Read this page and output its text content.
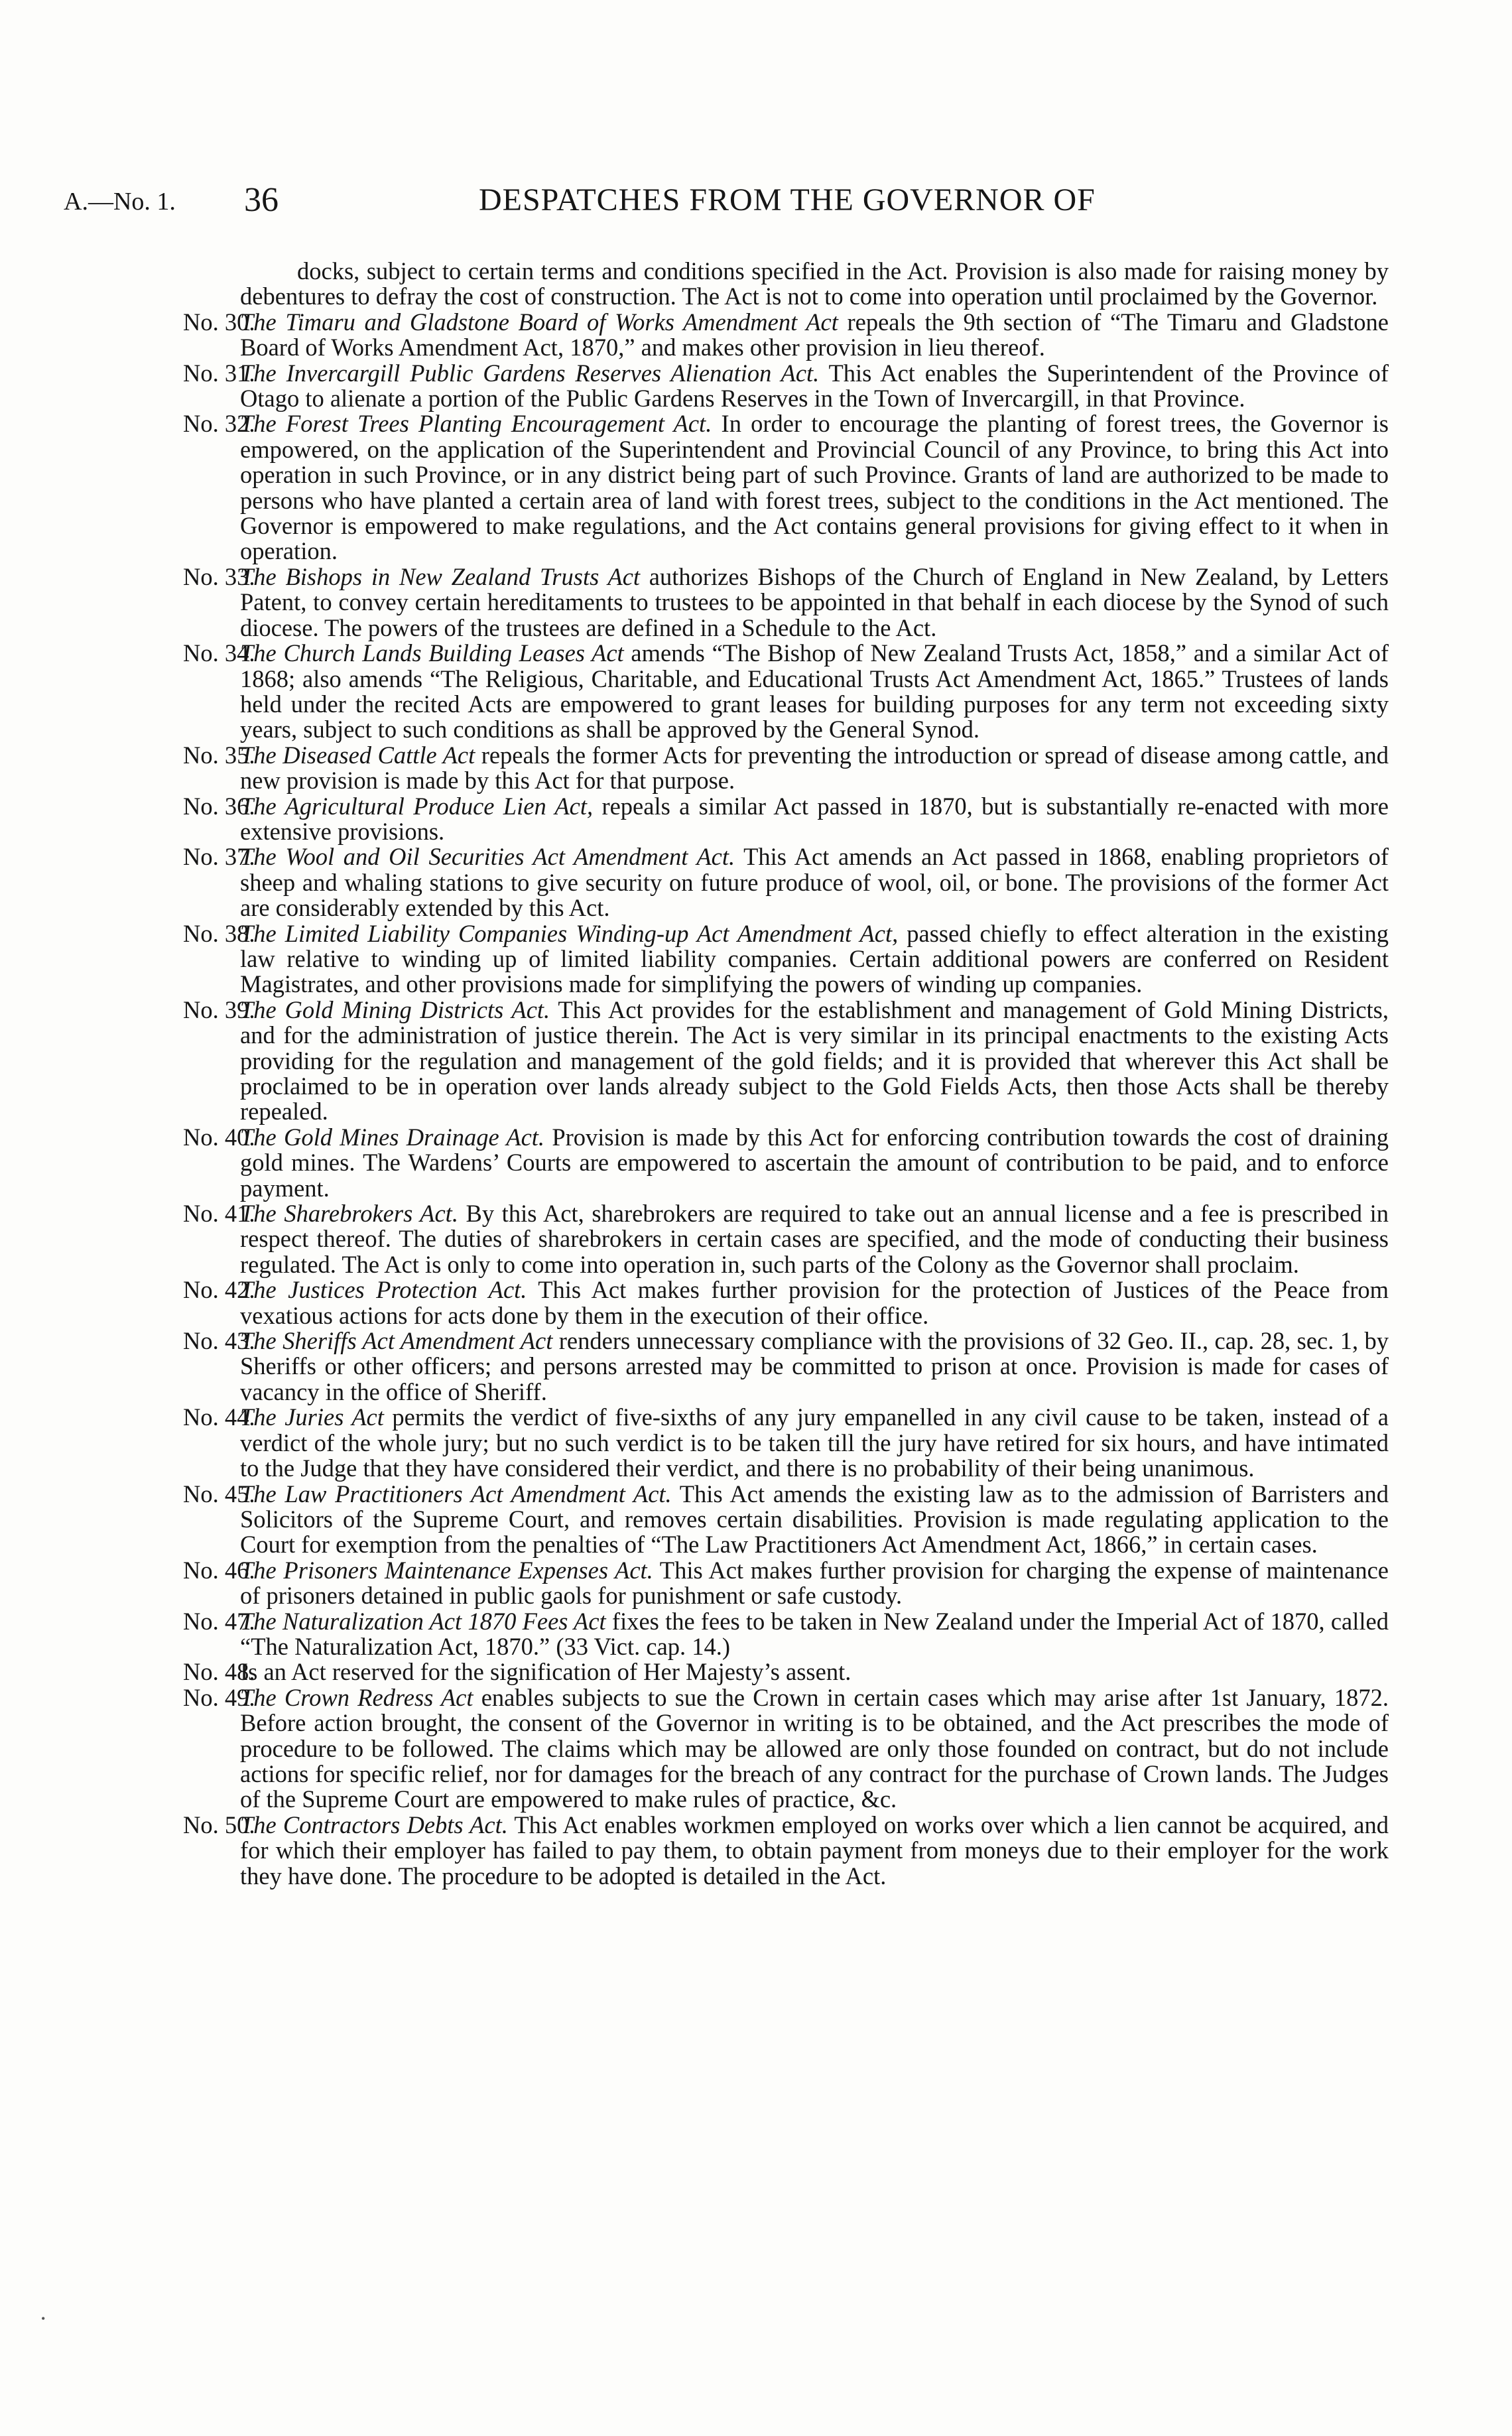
A.—No. 1. 36	DESPATCHES FROM THE GOVERNOR OF

docks, subject to certain terms and conditions specified in the Act. Provision is also made for raising money by debentures to defray the cost of construction. The Act is not to come into operation until proclaimed by the Governor.

No. 30.
The Timaru and Gladstone Board of Works Amendment Act repeals the 9th section of “The Timaru and Gladstone Board of Works Amendment Act, 1870,” and makes other provision in lieu thereof.

No. 31.
The Invercargill Public Gardens Reserves Alienation Act. This Act enables the Superintendent of the Province of Otago to alienate a portion of the Public Gardens Reserves in the Town of Invercargill, in that Province.

No. 32.
The Forest Trees Planting Encouragement Act. In order to encourage the planting of forest trees, the Governor is empowered, on the application of the Superintendent and Provincial Council of any Province, to bring this Act into operation in such Province, or in any district being part of such Province. Grants of land are authorized to be made to persons who have planted a certain area of land with forest trees, subject to the conditions in the Act mentioned. The Governor is empowered to make regulations, and the Act contains general provisions for giving effect to it when in operation.

No. 33.
The Bishops in New Zealand Trusts Act authorizes Bishops of the Church of England in New Zealand, by Letters Patent, to convey certain hereditaments to trustees to be appointed in that behalf in each diocese by the Synod of such diocese. The powers of the trustees are defined in a Schedule to the Act.

No. 34.
The Church Lands Building Leases Act amends “The Bishop of New Zealand Trusts Act, 1858,” and a similar Act of 1868; also amends “The Religious, Charitable, and Educational Trusts Act Amendment Act, 1865.” Trustees of lands held under the recited Acts are empowered to grant leases for building purposes for any term not exceeding sixty years, subject to such conditions as shall be approved by the General Synod.

No. 35.
The Diseased Cattle Act repeals the former Acts for preventing the introduction or spread of disease among cattle, and new provision is made by this Act for that purpose.

No. 36.
The Agricultural Produce Lien Act, repeals a similar Act passed in 1870, but is substantially re-enacted with more extensive provisions.

No. 37.
The Wool and Oil Securities Act Amendment Act. This Act amends an Act passed in 1868, enabling proprietors of sheep and whaling stations to give security on future produce of wool, oil, or bone. The provisions of the former Act are considerably extended by this Act.

No. 38.
The Limited Liability Companies Winding-up Act Amendment Act, passed chiefly to effect alteration in the existing law relative to winding up of limited liability companies. Certain additional powers are conferred on Resident Magistrates, and other provisions made for simplifying the powers of winding up companies.

No. 39.
The Gold Mining Districts Act. This Act provides for the establishment and management of Gold Mining Districts, and for the administration of justice therein. The Act is very similar in its principal enactments to the existing Acts providing for the regulation and management of the gold fields; and it is provided that wherever this Act shall be proclaimed to be in operation over lands already subject to the Gold Fields Acts, then those Acts shall be thereby repealed.

No. 40.
The Gold Mines Drainage Act. Provision is made by this Act for enforcing contribution towards the cost of draining gold mines. The Wardens’ Courts are empowered to ascertain the amount of contribution to be paid, and to enforce payment.

No. 41.
The Sharebrokers Act. By this Act, sharebrokers are required to take out an annual license and a fee is prescribed in respect thereof. The duties of sharebrokers in certain cases are specified, and the mode of conducting their business regulated. The Act is only to come into operation in, such parts of the Colony as the Governor shall proclaim.

No. 42.
The Justices Protection Act. This Act makes further provision for the protection of Justices of the Peace from vexatious actions for acts done by them in the execution of their office.

No. 43.
The Sheriffs Act Amendment Act renders unnecessary compliance with the provisions of 32 Geo. II., cap. 28, sec. 1, by Sheriffs or other officers; and persons arrested may be committed to prison at once. Provision is made for cases of vacancy in the office of Sheriff.

No. 44.
The Juries Act permits the verdict of five-sixths of any jury empanelled in any civil cause to be taken, instead of a verdict of the whole jury; but no such verdict is to be taken till the jury have retired for six hours, and have intimated to the Judge that they have considered their verdict, and there is no probability of their being unanimous.

No. 45.
The Law Practitioners Act Amendment Act. This Act amends the existing law as to the admission of Barristers and Solicitors of the Supreme Court, and removes certain disabilities. Provision is made regulating application to the Court for exemption from the penalties of “The Law Practitioners Act Amendment Act, 1866,” in certain cases.

No. 46.
The Prisoners Maintenance Expenses Act. This Act makes further provision for charging the expense of maintenance of prisoners detained in public gaols for punishment or safe custody.

No. 47.
The Naturalization Act 1870 Fees Act fixes the fees to be taken in New Zealand under the Imperial Act of 1870, called “The Naturalization Act, 1870.” (33 Vict. cap. 14.)

No. 48.
Is an Act reserved for the signification of Her Majesty’s assent.

No. 49.
The Crown Redress Act enables subjects to sue the Crown in certain cases which may arise after 1st January, 1872. Before action brought, the consent of the Governor in writing is to be obtained, and the Act prescribes the mode of procedure to be followed. The claims which may be allowed are only those founded on contract, but do not include actions for specific relief, nor for damages for the breach of any contract for the purchase of Crown lands. The Judges of the Supreme Court are empowered to make rules of practice, &c.

No. 50.
The Contractors Debts Act. This Act enables workmen employed on works over which a lien cannot be acquired, and for which their employer has failed to pay them, to obtain payment from moneys due to their employer for the work they have done. The procedure to be adopted is detailed in the Act.

•
